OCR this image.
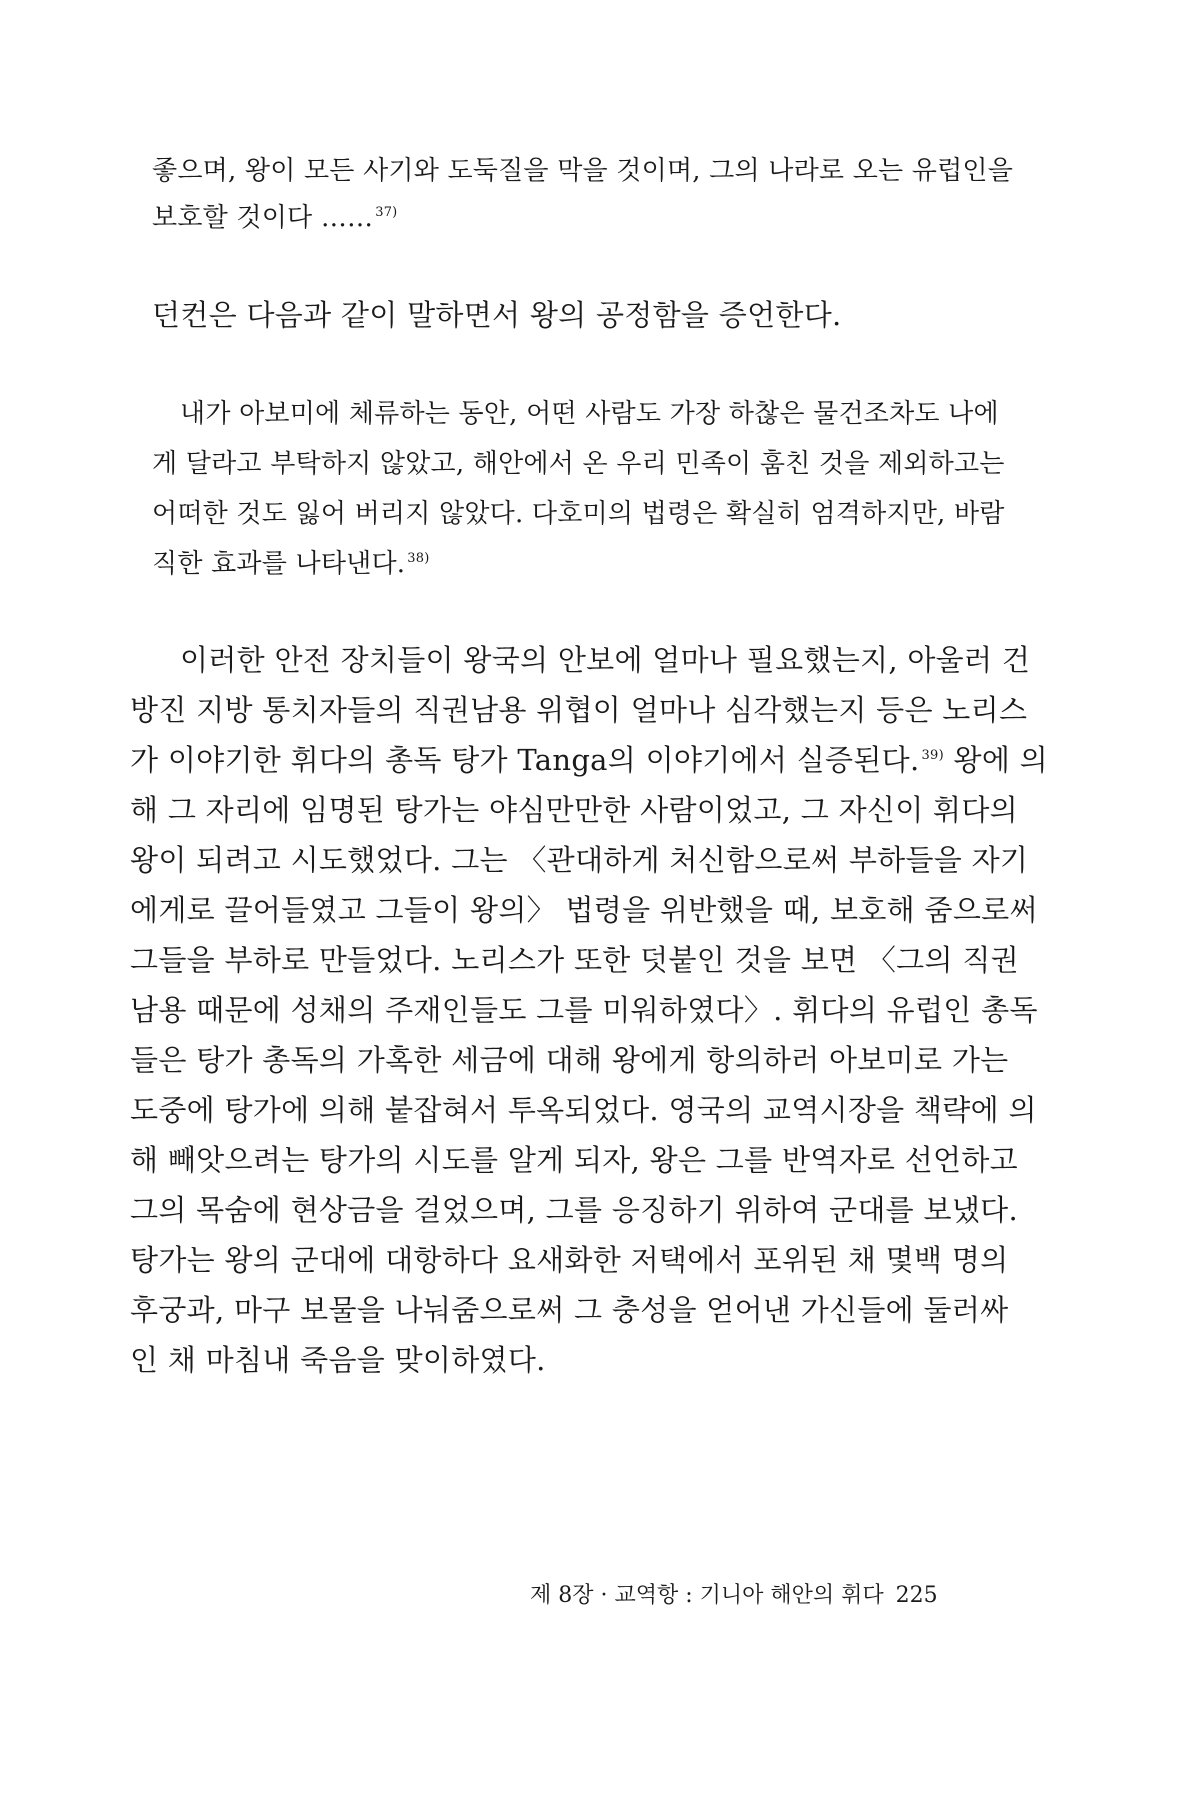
좋으며, 왕이 모든 사기와 도둑질을 막을 것이며, 그의 나라로 오는 유럽인을
보호할 것이다 …… $^{37)}$
던컨은 다음과 같이 말하면서 왕의 공정함을 증언한다.
내가 아보미에 체류하는 동안, 어떤 사람도 가장 하찮은 물건조차도 나에
게 달라고 부탁하지 않았고, 해안에서 온 우리 민족이 훔친 것을 제외하고는
어떠한 것도 잃어 버리지 않았다. 다호미의 법령은 확실히 엄격하지만, 바람
직한 효과를 나타낸다. $^{38)}$
이러한 안전 장치들이 왕국의 안보에 얼마나 필요했는지, 아울러 건
방진 지방 통치자들의 직권남용 위협이 얼마나 심각했는지 등은 노리스
가 이야기한 휘다의 총독 탕가 Tanga의 이야기에서 실증된다. $^{39)}$ 왕에 의
해 그 자리에 임명된 탕가는 야심만만한 사람이었고, 그 자신이 휘다의
왕이 되려고 시도했었다. 그는 〈관대하게 처신함으로써 부하들을 자기
에게로 끌어들였고 그들이 왕의〉 법령을 위반했을 때, 보호해 줌으로써
그들을 부하로 만들었다. 노리스가 또한 덧붙인 것을 보면 〈그의 직권
남용 때문에 성채의 주재인들도 그를 미워하였다〉. 휘다의 유럽인 총독
들은 탕가 총독의 가혹한 세금에 대해 왕에게 항의하러 아보미로 가는
도중에 탕가에 의해 붙잡혀서 투옥되었다. 영국의 교역시장을 책략에 의
해 빼앗으려는 탕가의 시도를 알게 되자, 왕은 그를 반역자로 선언하고
그의 목숨에 현상금을 걸었으며, 그를 응징하기 위하여 군대를 보냈다.
탕가는 왕의 군대에 대항하다 요새화한 저택에서 포위된 채 몇백 명의
후궁과, 마구 보물을 나눠줌으로써 그 충성을 얻어낸 가신들에 둘러싸
인 채 마침내 죽음을 맞이하였다.
제 8장 · 교역항 : 기니아 해안의 휘다 225
